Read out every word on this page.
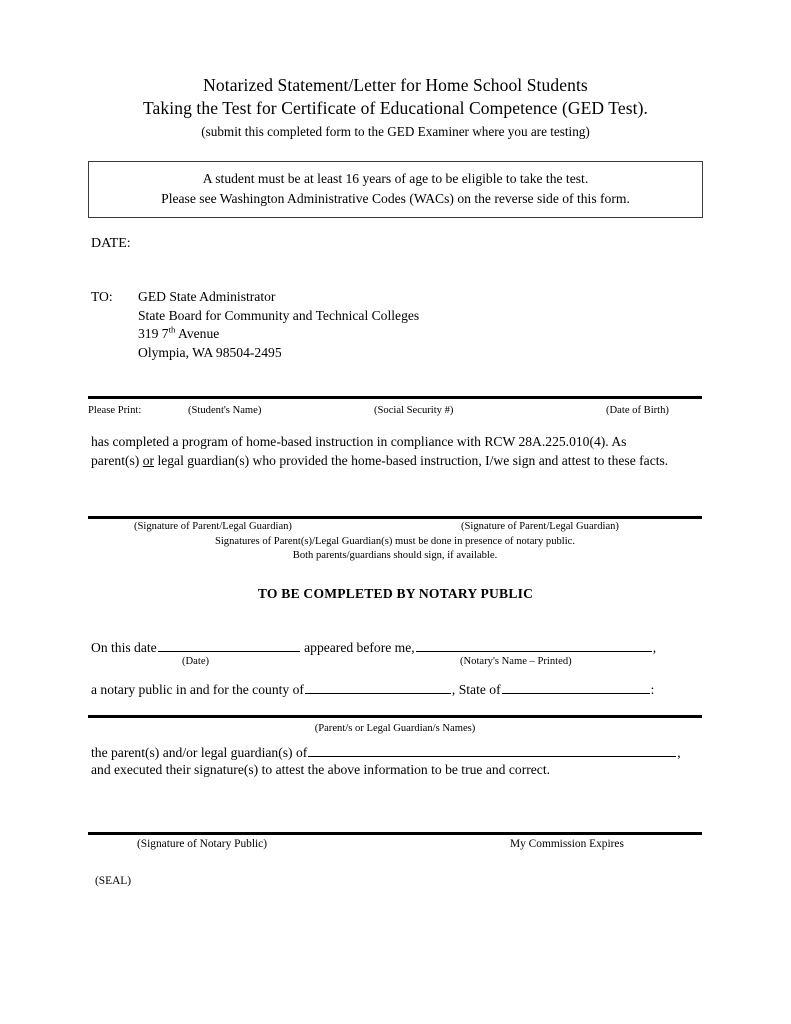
Notarized Statement/Letter for Home School Students
Taking the Test for Certificate of Educational Competence (GED Test).
(submit this completed form to the GED Examiner where you are testing)
A student must be at least 16 years of age to be eligible to take the test.
Please see Washington Administrative Codes (WACs) on the reverse side of this form.
DATE:
TO:	GED State Administrator
State Board for Community and Technical Colleges
319 7th Avenue
Olympia, WA 98504-2495
Please Print:	(Student's Name)	(Social Security #)	(Date of Birth)
has completed a program of home-based instruction in compliance with RCW 28A.225.010(4). As
parent(s) or legal guardian(s) who provided the home-based instruction, I/we sign and attest to these facts.
(Signature of Parent/Legal Guardian)	(Signature of Parent/Legal Guardian)
Signatures of Parent(s)/Legal Guardian(s) must be done in presence of notary public.
Both parents/guardians should sign, if available.
TO BE COMPLETED BY NOTARY PUBLIC
On this date	appeared before me,	,
(Date)	(Notary's Name – Printed)
a notary public in and for the county of	, State of	:
(Parent/s or Legal Guardian/s Names)
the parent(s) and/or legal guardian(s) of	,
and executed their signature(s) to attest the above information to be true and correct.
(Signature of Notary Public)	My Commission Expires
(SEAL)
